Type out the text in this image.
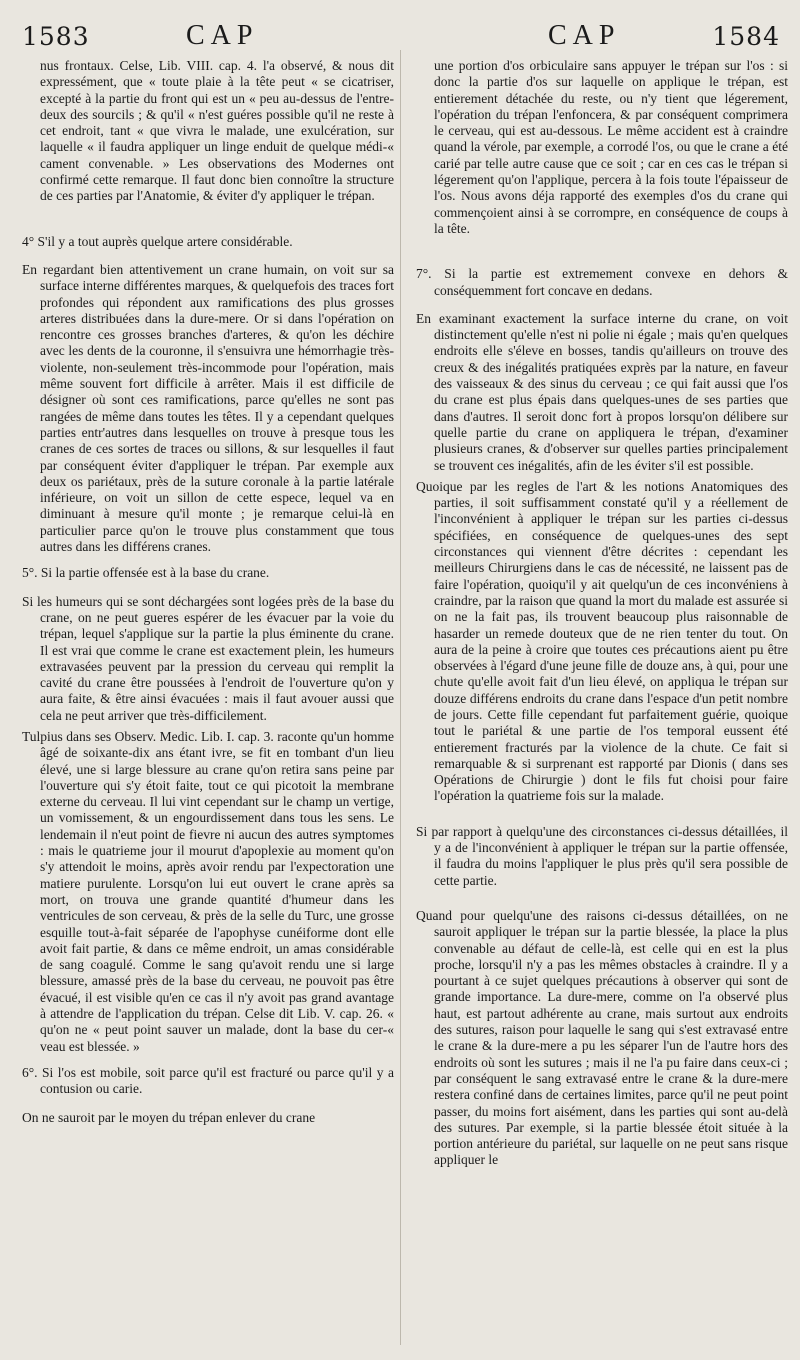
1583	CAP	CAP	1584

nus frontaux. Celse, Lib. VIII. cap. 4. l'a observé, & nous dit expressément, que « toute plaie à la tête peut « se cicatriser, excepté à la partie du front qui est un « peu au-dessus de l'entre-deux des sourcils ; & qu'il « n'est guéres possible qu'il ne reste à cet endroit, tant « que vivra le malade, une exulcération, sur laquelle « il faudra appliquer un linge enduit de quelque médi-« cament convenable. » Les observations des Modernes ont confirmé cette remarque. Il faut donc bien connoître la structure de ces parties par l'Anatomie, & éviter d'y appliquer le trépan.

4° S'il y a tout auprès quelque artere considérable.

En regardant bien attentivement un crane humain, on voit sur sa surface interne différentes marques, & quelquefois des traces fort profondes qui répondent aux ramifications des plus grosses arteres distribuées dans la dure-mere. Or si dans l'opération on rencontre ces grosses branches d'arteres, & qu'on les déchire avec les dents de la couronne, il s'ensuivra une hémorrhagie très-violente, non-seulement très-incommode pour l'opération, mais même souvent fort difficile à arrêter. Mais il est difficile de désigner où sont ces ramifications, parce qu'elles ne sont pas rangées de même dans toutes les têtes. Il y a cependant quelques parties entr'autres dans lesquelles on trouve à presque tous les cranes de ces sortes de traces ou sillons, & sur lesquelles il faut par conséquent éviter d'appliquer le trépan. Par exemple aux deux os pariétaux, près de la suture coronale à la partie latérale inférieure, on voit un sillon de cette espece, lequel va en diminuant à mesure qu'il monte ; je remarque celui-là en particulier parce qu'on le trouve plus constamment que tous autres dans les différens cranes.

5°. Si la partie offensée est à la base du crane.

Si les humeurs qui se sont déchargées sont logées près de la base du crane, on ne peut gueres espérer de les évacuer par la voie du trépan, lequel s'applique sur la partie la plus éminente du crane. Il est vrai que comme le crane est exactement plein, les humeurs extravasées peuvent par la pression du cerveau qui remplit la cavité du crane être poussées à l'endroit de l'ouverture qu'on y aura faite, & être ainsi évacuées : mais il faut avouer aussi que cela ne peut arriver que très-difficilement.

Tulpius dans ses Observ. Medic. Lib. I. cap. 3. raconte qu'un homme âgé de soixante-dix ans étant ivre, se fit en tombant d'un lieu élevé, une si large blessure au crane qu'on retira sans peine par l'ouverture qui s'y étoit faite, tout ce qui picotoit la membrane externe du cerveau. Il lui vint cependant sur le champ un vertige, un vomissement, & un engourdissement dans tous les sens. Le lendemain il n'eut point de fievre ni aucun des autres symptomes : mais le quatrieme jour il mourut d'apoplexie au moment qu'on s'y attendoit le moins, après avoir rendu par l'expectoration une matiere purulente. Lorsqu'on lui eut ouvert le crane après sa mort, on trouva une grande quantité d'humeur dans les ventricules de son cerveau, & près de la selle du Turc, une grosse esquille tout-à-fait séparée de l'apophyse cunéiforme dont elle avoit fait partie, & dans ce même endroit, un amas considérable de sang coagulé. Comme le sang qu'avoit rendu une si large blessure, amassé près de la base du cerveau, ne pouvoit pas être évacué, il est visible qu'en ce cas il n'y avoit pas grand avantage à attendre de l'application du trépan. Celse dit Lib. V. cap. 26. « qu'on ne « peut point sauver un malade, dont la base du cer-« veau est blessée. »

6°. Si l'os est mobile, soit parce qu'il est fracturé ou parce qu'il y a contusion ou carie.

On ne sauroit par le moyen du trépan enlever du crane

une portion d'os orbiculaire sans appuyer le trépan sur l'os : si donc la partie d'os sur laquelle on applique le trépan, est entierement détachée du reste, ou n'y tient que légerement, l'opération du trépan l'enfoncera, & par conséquent comprimera le cerveau, qui est au-dessous. Le même accident est à craindre quand la vérole, par exemple, a corrodé l'os, ou que le crane a été carié par telle autre cause que ce soit ; car en ces cas le trépan si légerement qu'on l'applique, percera à la fois toute l'épaisseur de l'os. Nous avons déja rapporté des exemples d'os du crane qui commençoient ainsi à se corrompre, en conséquence de coups à la tête.

7°. Si la partie est extremement convexe en dehors & conséquemment fort concave en dedans.

En examinant exactement la surface interne du crane, on voit distinctement qu'elle n'est ni polie ni égale ; mais qu'en quelques endroits elle s'éleve en bosses, tandis qu'ailleurs on trouve des creux & des inégalités pratiquées exprès par la nature, en faveur des vaisseaux & des sinus du cerveau ; ce qui fait aussi que l'os du crane est plus épais dans quelques-unes de ses parties que dans d'autres. Il seroit donc fort à propos lorsqu'on délibere sur quelle partie du crane on appliquera le trépan, d'examiner plusieurs cranes, & d'observer sur quelles parties principalement se trouvent ces inégalités, afin de les éviter s'il est possible.

Quoique par les regles de l'art & les notions Anatomiques des parties, il soit suffisamment constaté qu'il y a réellement de l'inconvénient à appliquer le trépan sur les parties ci-dessus spécifiées, en conséquence de quelques-unes des sept circonstances qui viennent d'être décrites : cependant les meilleurs Chirurgiens dans le cas de nécessité, ne laissent pas de faire l'opération, quoiqu'il y ait quelqu'un de ces inconvéniens à craindre, par la raison que quand la mort du malade est assurée si on ne la fait pas, ils trouvent beaucoup plus raisonnable de hasarder un remede douteux que de ne rien tenter du tout. On aura de la peine à croire que toutes ces précautions aient pu être observées à l'égard d'une jeune fille de douze ans, à qui, pour une chute qu'elle avoit fait d'un lieu élevé, on appliqua le trépan sur douze différens endroits du crane dans l'espace d'un petit nombre de jours. Cette fille cependant fut parfaitement guérie, quoique tout le pariétal & une partie de l'os temporal eussent été entierement fracturés par la violence de la chute. Ce fait si remarquable & si surprenant est rapporté par Dionis ( dans ses Opérations de Chirurgie ) dont le fils fut choisi pour faire l'opération la quatrieme fois sur la malade.

Si par rapport à quelqu'une des circonstances ci-dessus détaillées, il y a de l'inconvénient à appliquer le trépan sur la partie offensée, il faudra du moins l'appliquer le plus près qu'il sera possible de cette partie.

Quand pour quelqu'une des raisons ci-dessus détaillées, on ne sauroit appliquer le trépan sur la partie blessée, la place la plus convenable au défaut de celle-là, est celle qui en est la plus proche, lorsqu'il n'y a pas les mêmes obstacles à craindre. Il y a pourtant à ce sujet quelques précautions à observer qui sont de grande importance. La dure-mere, comme on l'a observé plus haut, est partout adhérente au crane, mais surtout aux endroits des sutures, raison pour laquelle le sang qui s'est extravasé entre le crane & la dure-mere a pu les séparer l'un de l'autre hors des endroits où sont les sutures ; mais il ne l'a pu faire dans ceux-ci ; par conséquent le sang extravasé entre le crane & la dure-mere restera confiné dans de certaines limites, parce qu'il ne peut point passer, du moins fort aisément, dans les parties qui sont au-delà des sutures. Par exemple, si la partie blessée étoit située à la portion antérieure du pariétal, sur laquelle on ne peut sans risque appliquer le
